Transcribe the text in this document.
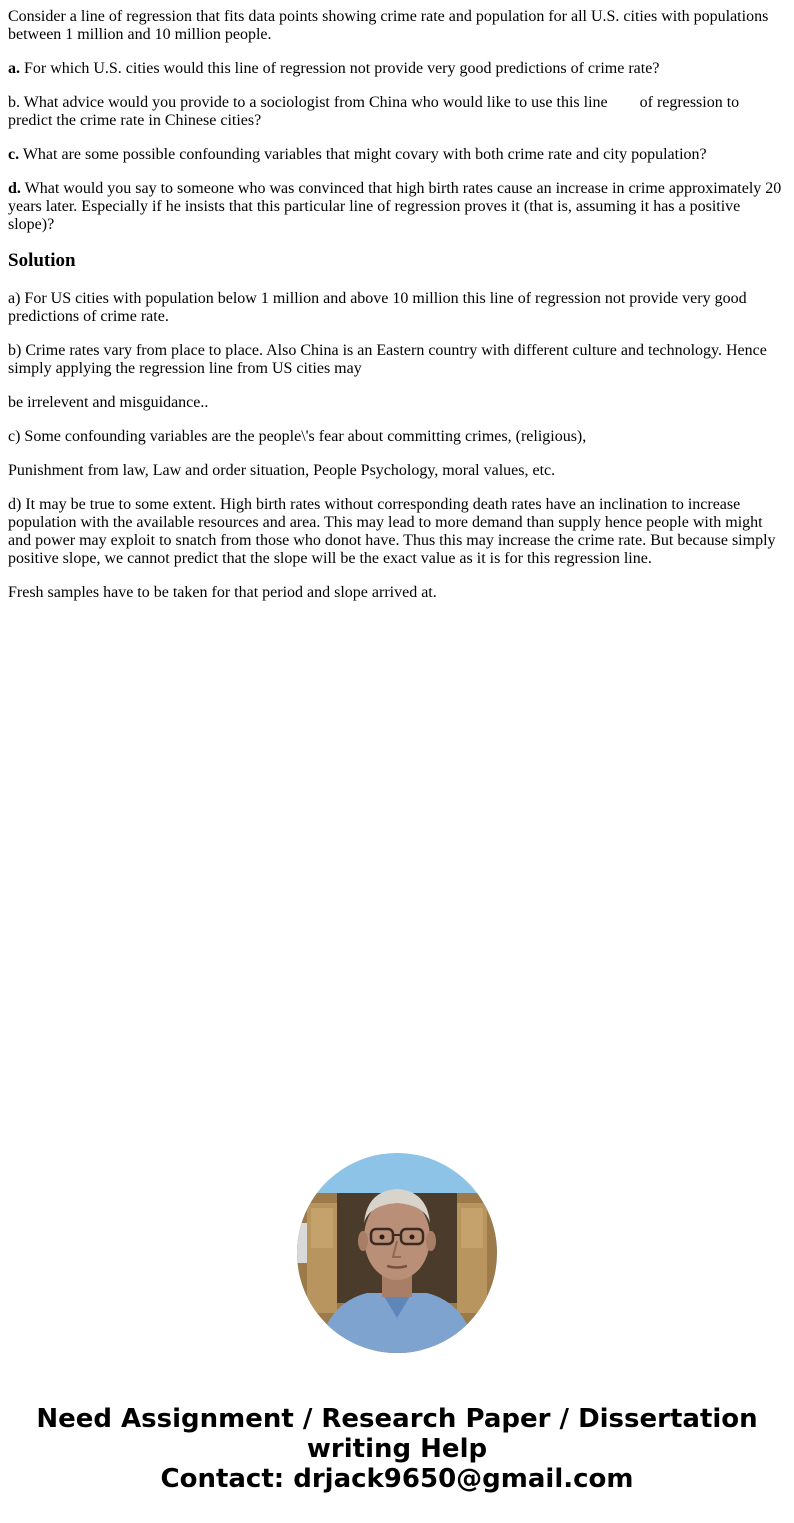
Consider a line of regression that fits data points showing crime rate and population for all U.S. cities with populations between 1 million and 10 million people.

a. For which U.S. cities would this line of regression not provide very good predictions of crime rate?

b. What advice would you provide to a sociologist from China who would like to use this line of regression to predict the crime rate in Chinese cities?

c. What are some possible confounding variables that might covary with both crime rate and city population?

d. What would you say to someone who was convinced that high birth rates cause an increase in crime approximately 20 years later. Especially if he insists that this particular line of regression proves it (that is, assuming it has a positive slope)?

Solution

a) For US cities with population below 1 million and above 10 million this line of regression not provide very good predictions of crime rate.

b) Crime rates vary from place to place. Also China is an Eastern country with different culture and technology. Hence simply applying the regression line from US cities may

be irrelevent and misguidance..

c) Some confounding variables are the people\'s fear about committing crimes, (religious),

Punishment from law, Law and order situation, People Psychology, moral values, etc.

d) It may be true to some extent. High birth rates without corresponding death rates have an inclination to increase population with the available resources and area. This may lead to more demand than supply hence people with might and power may exploit to snatch from those who donot have. Thus this may increase the crime rate. But because simply positive slope, we cannot predict that the slope will be the exact value as it is for this regression line.

Fresh samples have to be taken for that period and slope arrived at.

Need Assignment / Research Paper / Dissertation
writing Help
Contact: drjack9650@gmail.com
